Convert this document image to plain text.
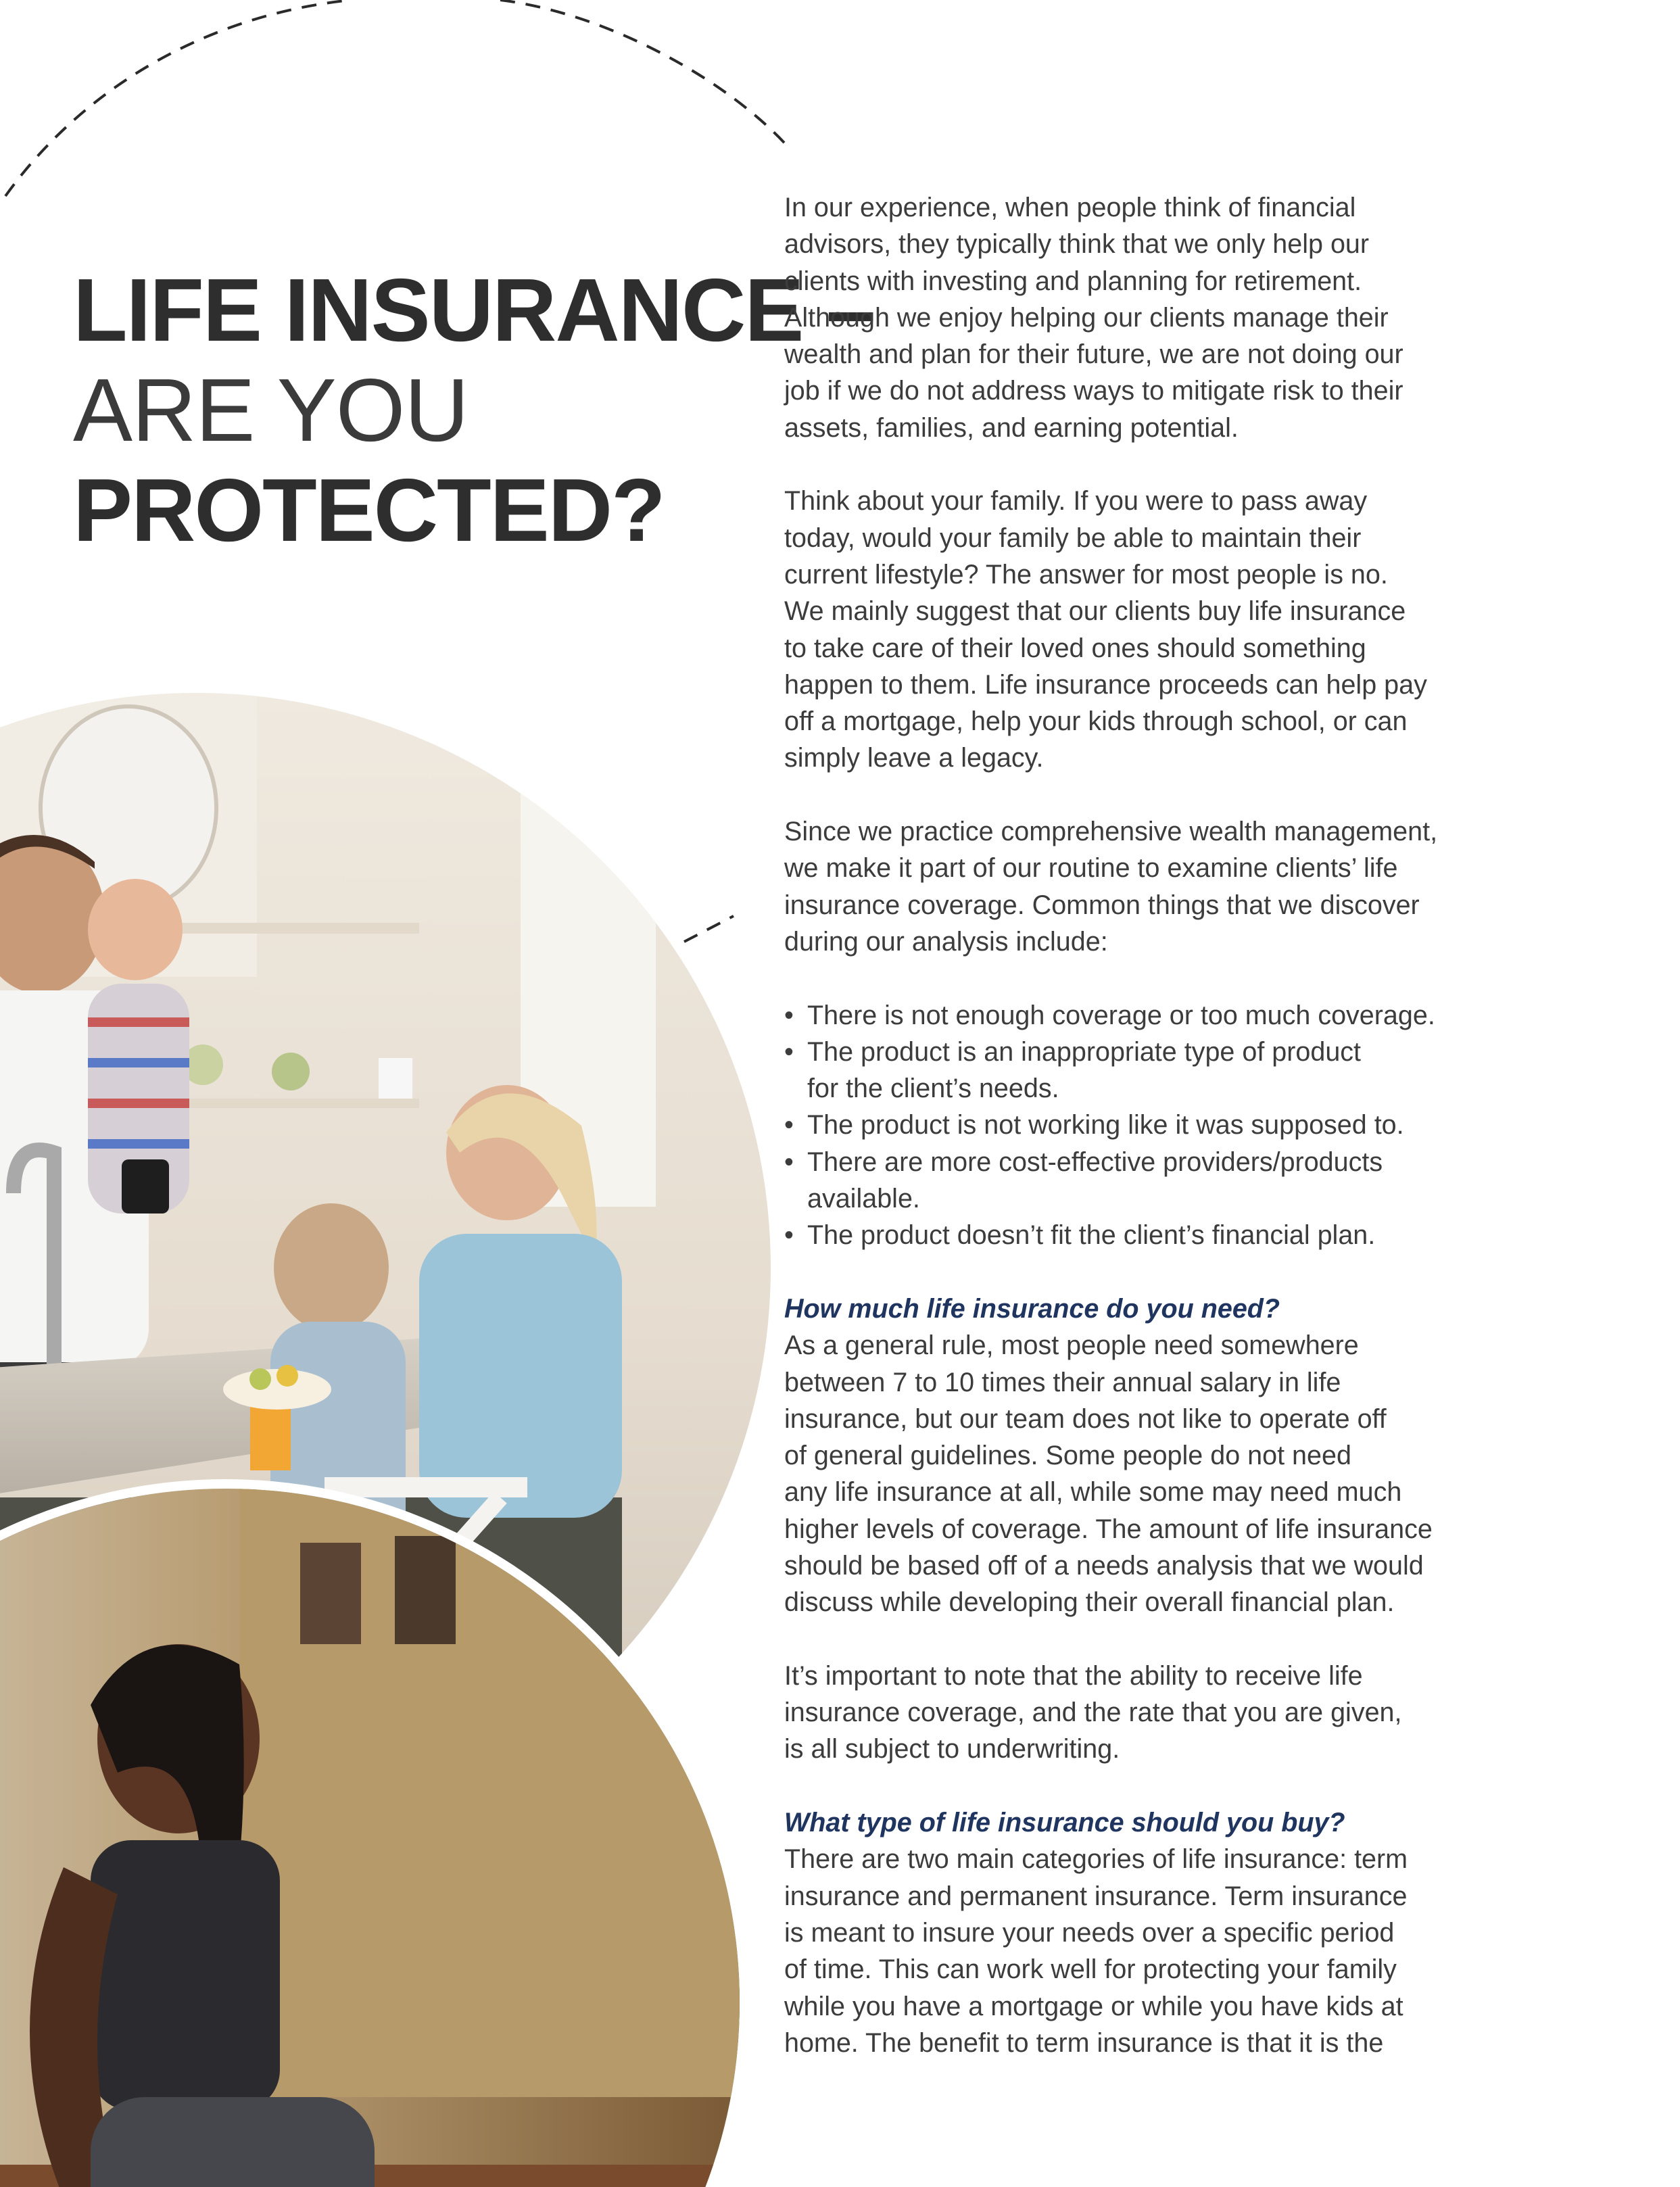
LIFE INSURANCE –
ARE YOU
PROTECTED?
In our experience, when people think of financial
advisors, they typically think that we only help our
clients with investing and planning for retirement.
Although we enjoy helping our clients manage their
wealth and plan for their future, we are not doing our
job if we do not address ways to mitigate risk to their
assets, families, and earning potential.
Think about your family. If you were to pass away
today, would your family be able to maintain their
current lifestyle? The answer for most people is no.
We mainly suggest that our clients buy life insurance
to take care of their loved ones should something
happen to them. Life insurance proceeds can help pay
off a mortgage, help your kids through school, or can
simply leave a legacy.
Since we practice comprehensive wealth management,
we make it part of our routine to examine clients’ life
insurance coverage. Common things that we discover
during our analysis include:
• There is not enough coverage or too much coverage.
• The product is an inappropriate type of product
for the client’s needs.
• The product is not working like it was supposed to.
• There are more cost-effective providers/products
available.
• The product doesn’t fit the client’s financial plan.
How much life insurance do you need?
As a general rule, most people need somewhere
between 7 to 10 times their annual salary in life
insurance, but our team does not like to operate off
of general guidelines. Some people do not need
any life insurance at all, while some may need much
higher levels of coverage. The amount of life insurance
should be based off of a needs analysis that we would
discuss while developing their overall financial plan.
It’s important to note that the ability to receive life
insurance coverage, and the rate that you are given,
is all subject to underwriting.
What type of life insurance should you buy?
There are two main categories of life insurance: term
insurance and permanent insurance. Term insurance
is meant to insure your needs over a specific period
of time. This can work well for protecting your family
while you have a mortgage or while you have kids at
home. The benefit to term insurance is that it is the
